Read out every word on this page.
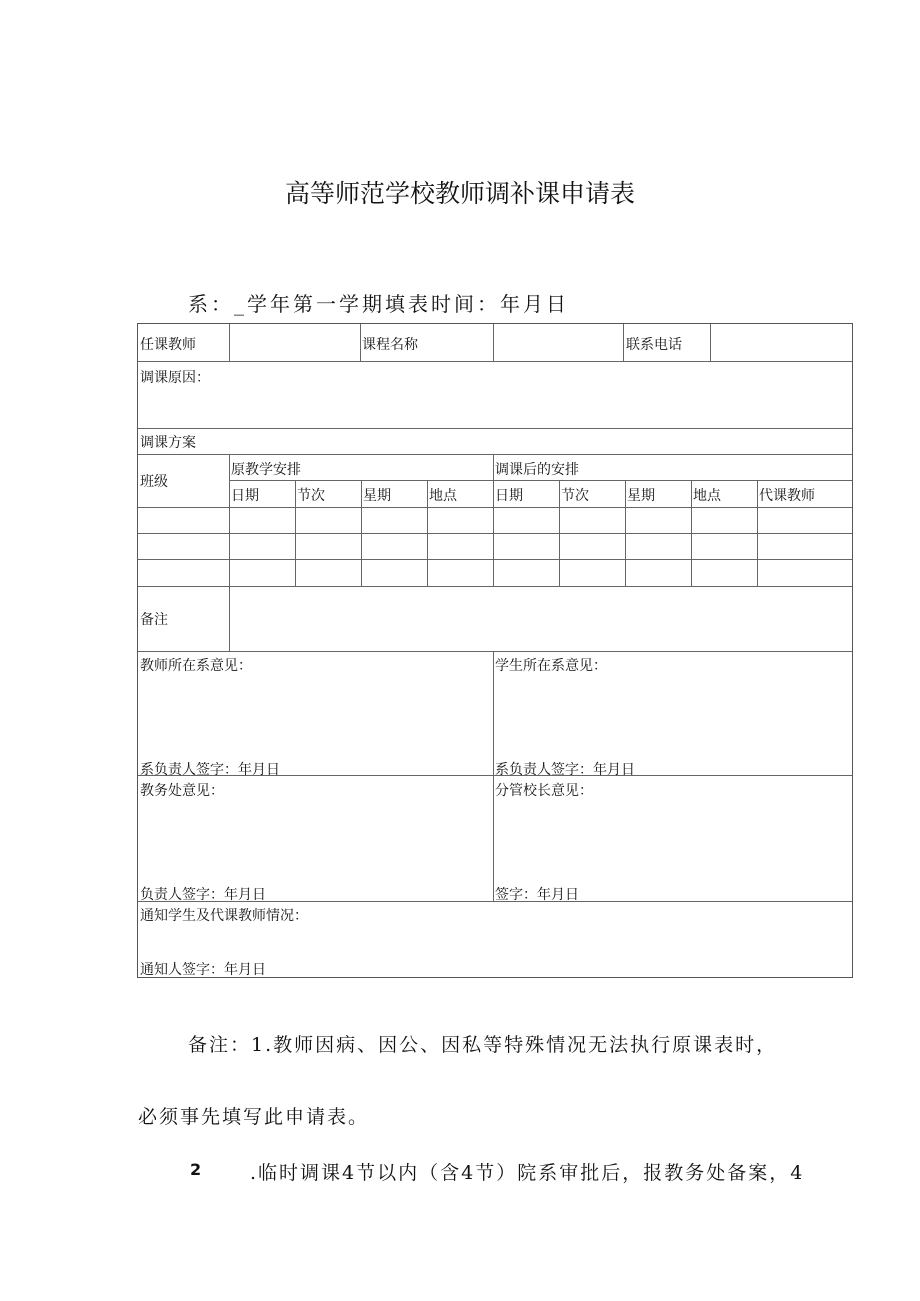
高等师范学校教师调补课申请表
系：_学年第一学期填表时间：年月日
任课教师	课程名称	联系电话
调课原因：
调课方案
班级
原教学安排	调课后的安排
日期	节次	星期	地点	日期	节次	星期	地点	代课教师
备注
教师所在系意见：	学生所在系意见：
系负责人签字：年月日	系负责人签字：年月日
教务处意见：	分管校长意见：
负责人签字：年月日	签字：年月日
通知学生及代课教师情况：
通知人签字：年月日
备注：1.教师因病、因公、因私等特殊情况无法执行原课表时，
必须事先填写此申请表。
2 .临时调课4节以内（含4节）院系审批后，报教务处备案，4
